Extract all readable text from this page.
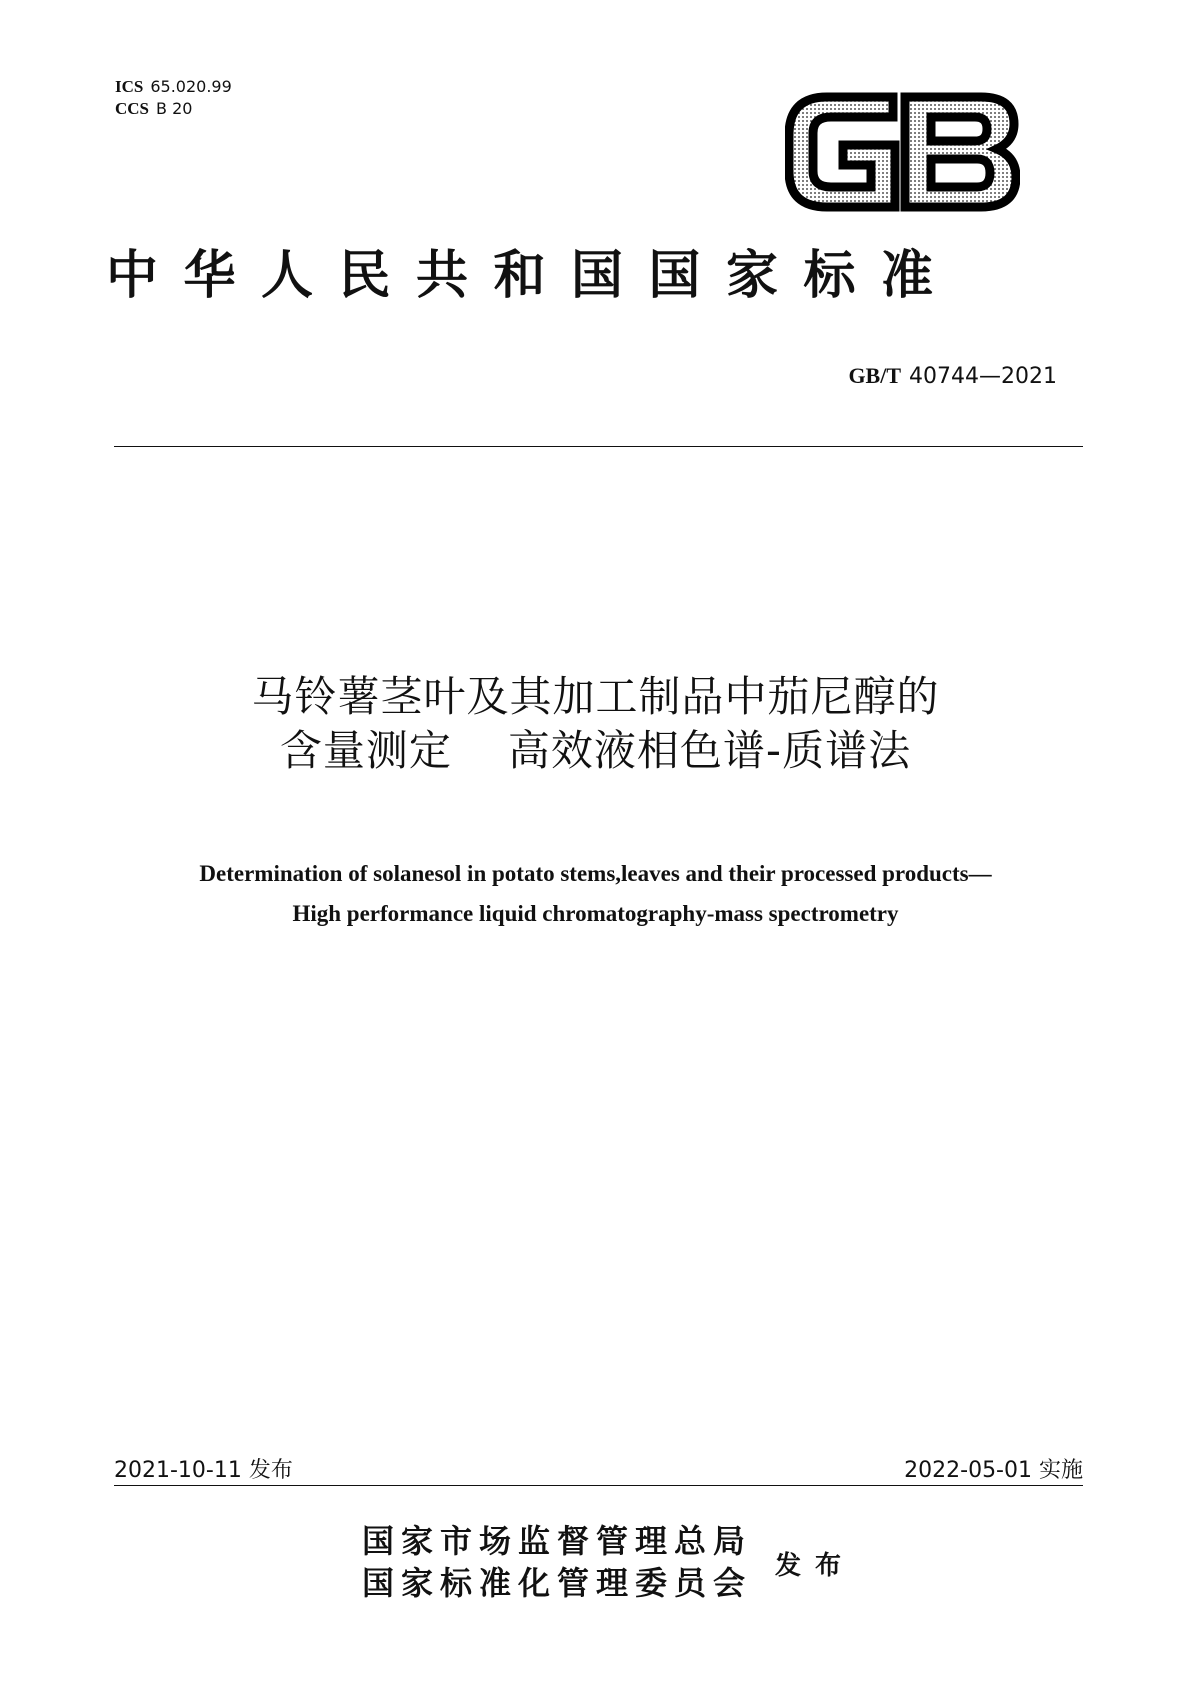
ICS 65.020.99
CCS B 20
中华人民共和国国家标准
GB/T 40744—2021
马铃薯茎叶及其加工制品中茄尼醇的
含量测定 高效液相色谱-质谱法
Determination of solanesol in potato stems,leaves and their processed products—
High performance liquid chromatography-mass spectrometry
2021-10-11 发布	2022-05-01 实施
国家市场监督管理总局
国家标准化管理委员会 发布
